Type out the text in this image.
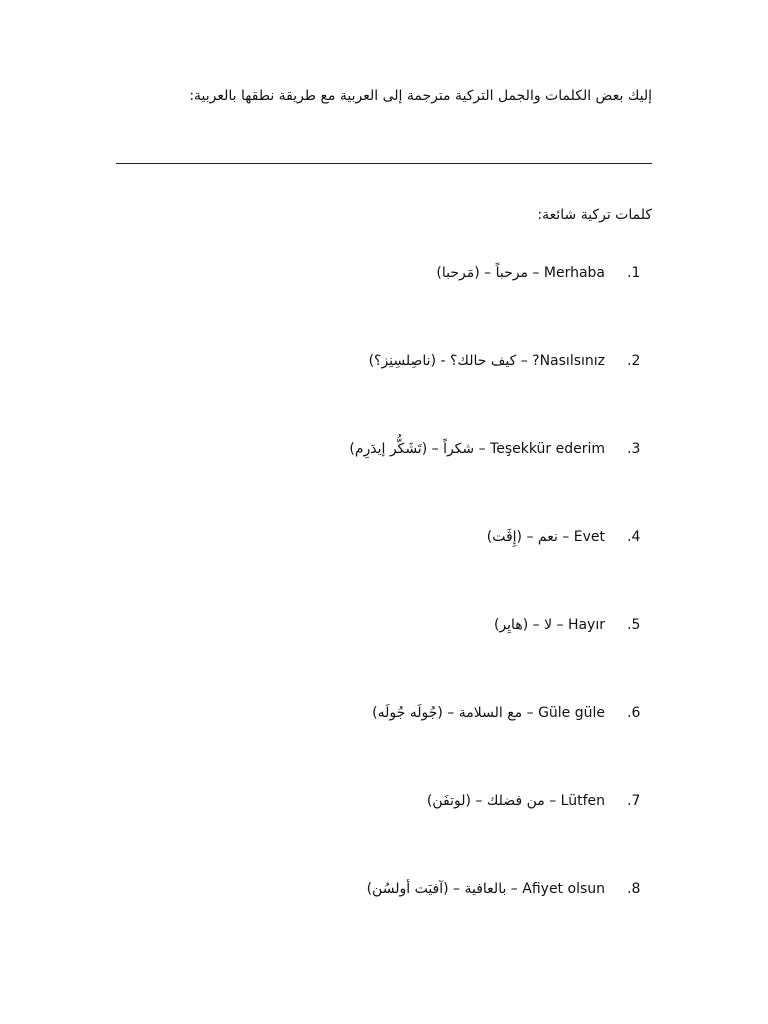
إليك بعض الكلمات والجمل التركية مترجمة إلى العربية مع طريقة نطقها بالعربية:
كلمات تركية شائعة:
.1
Merhaba – مرحباً – (مَرحبا)
.2
Nasılsınız? – كيف حالك؟ - (ناصِلسِنِز؟)
.3
Teşekkür ederim – شكراً – (تَشَكُّر إيدَرِم)
.4
Evet – نعم – (إِڤَت)
.5
Hayır – لا – (هايِر)
.6
Güle güle – مع السلامة – (جُولَه جُولَه)
.7
Lütfen – من فضلك – (لوتفَن)
.8
Afiyet olsun – بالعافية – (آفيَت أولسُن)
